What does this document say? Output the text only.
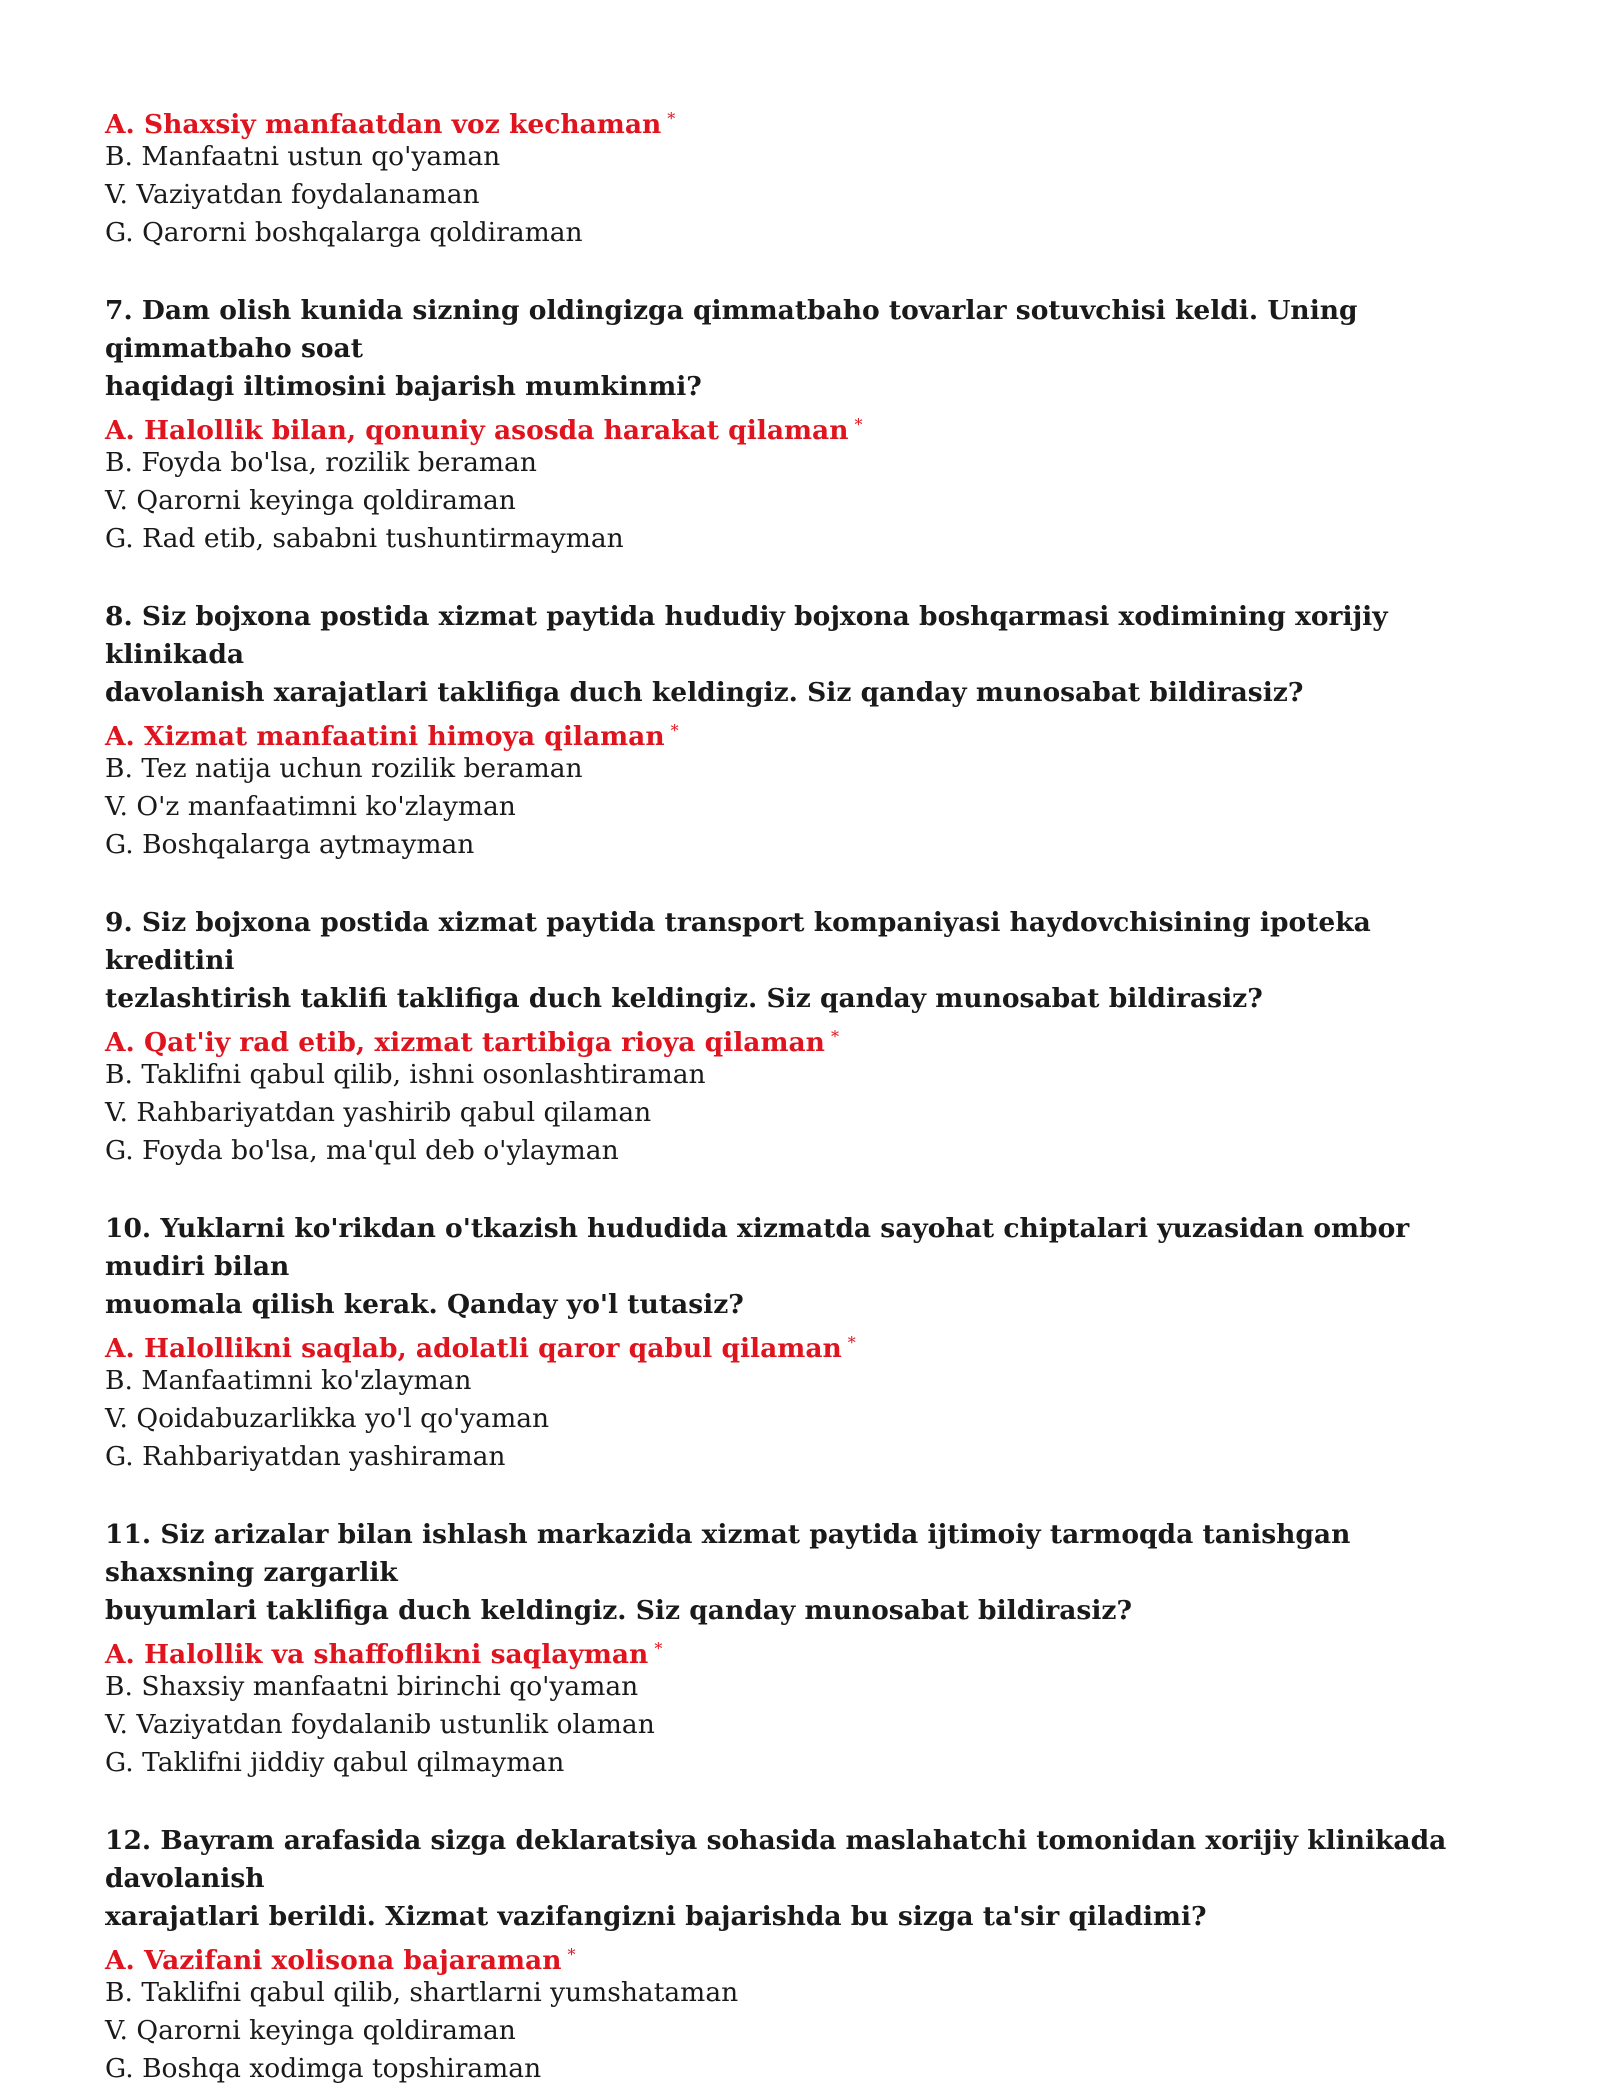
A. Shaxsiy manfaatdan voz kechaman *
B. Manfaatni ustun qo'yaman
V. Vaziyatdan foydalanaman
G. Qarorni boshqalarga qoldiraman
7. Dam olish kunida sizning oldingizga qimmatbaho tovarlar sotuvchisi keldi. Uning qimmatbaho soat
haqidagi iltimosini bajarish mumkinmi?
A. Halollik bilan, qonuniy asosda harakat qilaman *
B. Foyda bo'lsa, rozilik beraman
V. Qarorni keyinga qoldiraman
G. Rad etib, sababni tushuntirmayman
8. Siz bojxona postida xizmat paytida hududiy bojxona boshqarmasi xodimining xorijiy klinikada
davolanish xarajatlari taklifiga duch keldingiz. Siz qanday munosabat bildirasiz?
A. Xizmat manfaatini himoya qilaman *
B. Tez natija uchun rozilik beraman
V. O'z manfaatimni ko'zlayman
G. Boshqalarga aytmayman
9. Siz bojxona postida xizmat paytida transport kompaniyasi haydovchisining ipoteka kreditini
tezlashtirish taklifi taklifiga duch keldingiz. Siz qanday munosabat bildirasiz?
A. Qat'iy rad etib, xizmat tartibiga rioya qilaman *
B. Taklifni qabul qilib, ishni osonlashtiraman
V. Rahbariyatdan yashirib qabul qilaman
G. Foyda bo'lsa, ma'qul deb o'ylayman
10. Yuklarni ko'rikdan o'tkazish hududida xizmatda sayohat chiptalari yuzasidan ombor mudiri bilan
muomala qilish kerak. Qanday yo'l tutasiz?
A. Halollikni saqlab, adolatli qaror qabul qilaman *
B. Manfaatimni ko'zlayman
V. Qoidabuzarlikka yo'l qo'yaman
G. Rahbariyatdan yashiraman
11. Siz arizalar bilan ishlash markazida xizmat paytida ijtimoiy tarmoqda tanishgan shaxsning zargarlik
buyumlari taklifiga duch keldingiz. Siz qanday munosabat bildirasiz?
A. Halollik va shaffoflikni saqlayman *
B. Shaxsiy manfaatni birinchi qo'yaman
V. Vaziyatdan foydalanib ustunlik olaman
G. Taklifni jiddiy qabul qilmayman
12. Bayram arafasida sizga deklaratsiya sohasida maslahatchi tomonidan xorijiy klinikada davolanish
xarajatlari berildi. Xizmat vazifangizni bajarishda bu sizga ta'sir qiladimi?
A. Vazifani xolisona bajaraman *
B. Taklifni qabul qilib, shartlarni yumshataman
V. Qarorni keyinga qoldiraman
G. Boshqa xodimga topshiraman
